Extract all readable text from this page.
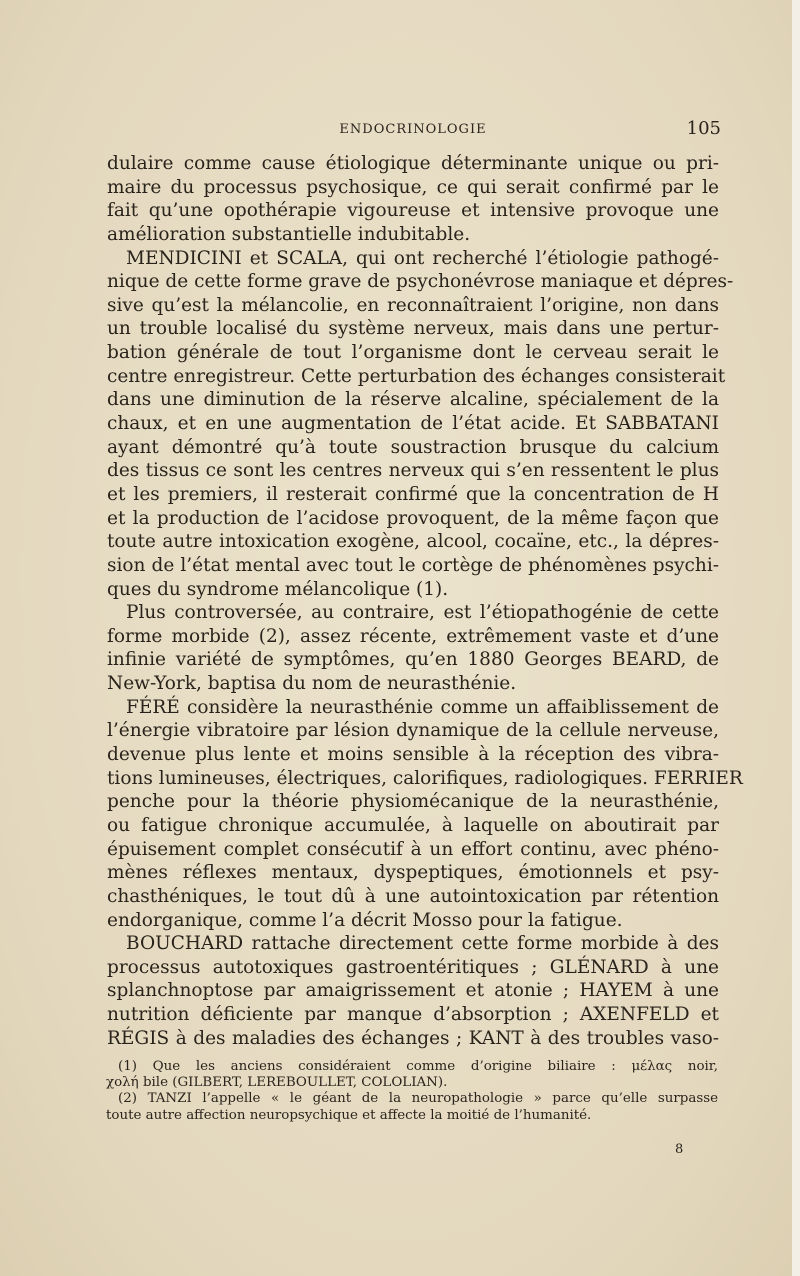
ENDOCRINOLOGIE	105
dulaire comme cause étiologique déterminante unique ou pri-
maire du processus psychosique, ce qui serait confirmé par le
fait qu’une opothérapie vigoureuse et intensive provoque une
amélioration substantielle indubitable.
MENDICINI et SCALA, qui ont recherché l’étiologie pathogé-
nique de cette forme grave de psychonévrose maniaque et dépres-
sive qu’est la mélancolie, en reconnaîtraient l’origine, non dans
un trouble localisé du système nerveux, mais dans une pertur-
bation générale de tout l’organisme dont le cerveau serait le
centre enregistreur. Cette perturbation des échanges consisterait
dans une diminution de la réserve alcaline, spécialement de la
chaux, et en une augmentation de l’état acide. Et SABBATANI
ayant démontré qu’à toute soustraction brusque du calcium
des tissus ce sont les centres nerveux qui s’en ressentent le plus
et les premiers, il resterait confirmé que la concentration de H
et la production de l’acidose provoquent, de la même façon que
toute autre intoxication exogène, alcool, cocaïne, etc., la dépres-
sion de l’état mental avec tout le cortège de phénomènes psychi-
ques du syndrome mélancolique (1).
Plus controversée, au contraire, est l’étiopathogénie de cette
forme morbide (2), assez récente, extrêmement vaste et d’une
infinie variété de symptômes, qu’en 1880 Georges BEARD, de
New-York, baptisa du nom de neurasthénie.
FÉRÉ considère la neurasthénie comme un affaiblissement de
l’énergie vibratoire par lésion dynamique de la cellule nerveuse,
devenue plus lente et moins sensible à la réception des vibra-
tions lumineuses, électriques, calorifiques, radiologiques. FERRIER
penche pour la théorie physiomécanique de la neurasthénie,
ou fatigue chronique accumulée, à laquelle on aboutirait par
épuisement complet consécutif à un effort continu, avec phéno-
mènes réflexes mentaux, dyspeptiques, émotionnels et psy-
chasthéniques, le tout dû à une autointoxication par rétention
endorganique, comme l’a décrit Mosso pour la fatigue.
BOUCHARD rattache directement cette forme morbide à des
processus autotoxiques gastroentéritiques ; GLÉNARD à une
splanchnoptose par amaigrissement et atonie ; HAYEM à une
nutrition déficiente par manque d’absorption ; AXENFELD et
RÉGIS à des maladies des échanges ; KANT à des troubles vaso-
(1) Que les anciens considéraient comme d’origine biliaire : μέλας noir,
χολή bile (GILBERT, LEREBOULLET, COLOLIAN).
(2) TANZI l’appelle « le géant de la neuropathologie » parce qu’elle surpasse
toute autre affection neuropsychique et affecte la moitié de l’humanité.
8
